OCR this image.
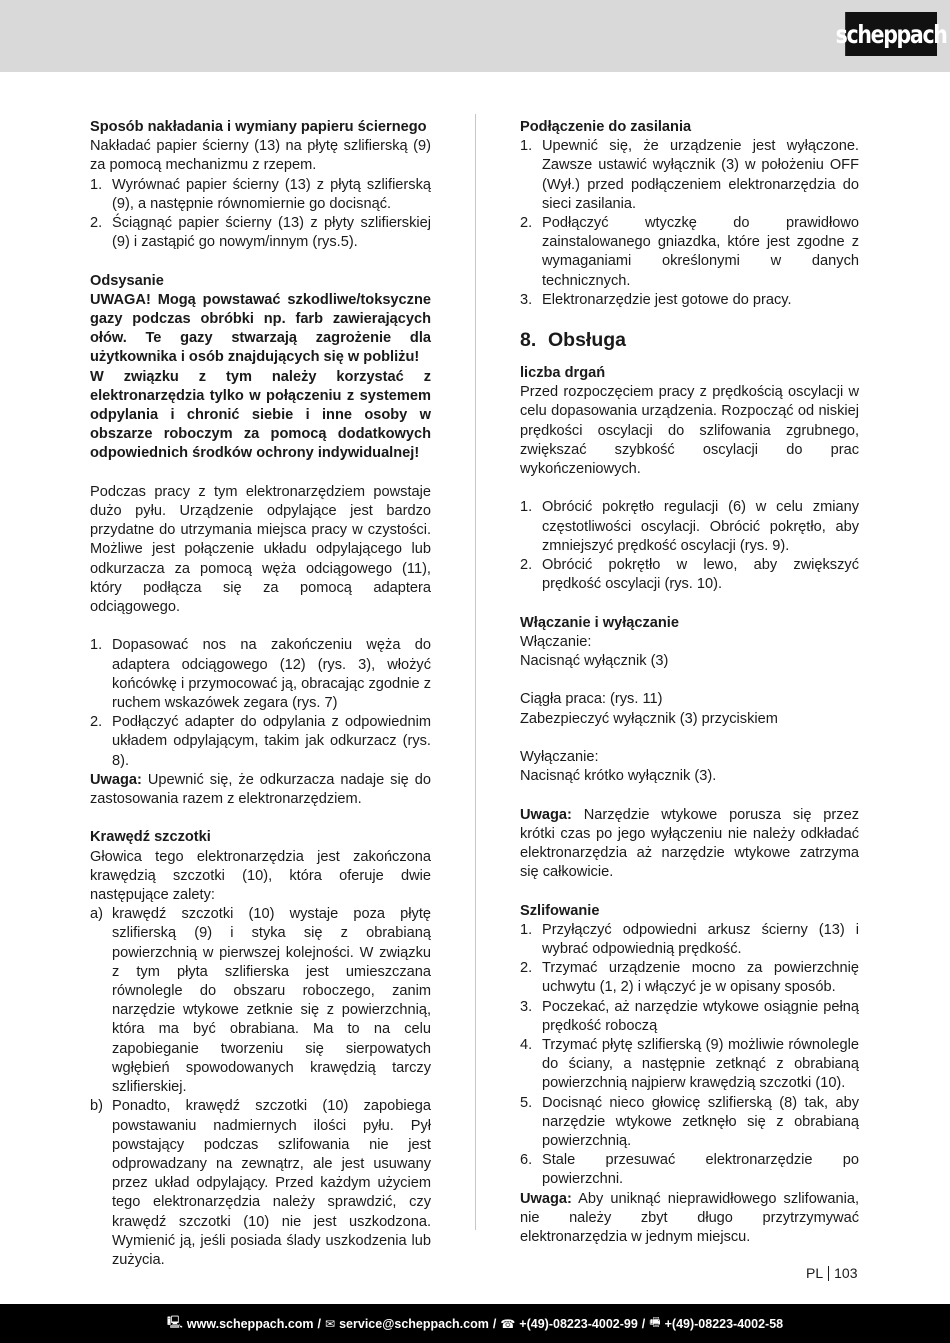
scheppach

Sposób nakładania i wymiany papieru ściernego

Nakładać papier ścierny (13) na płytę szlifierską (9) za pomocą mechanizmu z rzepem.

1. Wyrównać papier ścierny (13) z płytą szlifierską (9), a następnie równomiernie go docisnąć.
2. Ściągnąć papier ścierny (13) z płyty szlifierskiej (9) i zastąpić go nowym/innym (rys.5).

Odsysanie

UWAGA! Mogą powstawać szkodliwe/toksyczne gazy podczas obróbki np. farb zawierających ołów. Te gazy stwarzają zagrożenie dla użytkownika i osób znajdujących się w pobliżu!

W związku z tym należy korzystać z elektronarzędzia tylko w połączeniu z systemem odpylania i chronić siebie i inne osoby w obszarze roboczym za pomocą dodatkowych odpowiednich środków ochrony indywidualnej!

Podczas pracy z tym elektronarzędziem powstaje dużo pyłu. Urządzenie odpylające jest bardzo przydatne do utrzymania miejsca pracy w czystości. Możliwe jest połączenie układu odpylającego lub odkurzacza za pomocą węża odciągowego (11), który podłącza się za pomocą adaptera odciągowego.

1. Dopasować nos na zakończeniu węża do adaptera odciągowego (12) (rys. 3), włożyć końcówkę i przymocować ją, obracając zgodnie z ruchem wskazówek zegara (rys. 7)
2. Podłączyć adapter do odpylania z odpowiednim układem odpylającym, takim jak odkurzacz (rys. 8).

Uwaga: Upewnić się, że odkurzacza nadaje się do zastosowania razem z elektronarzędziem.

Krawędź szczotki

Głowica tego elektronarzędzia jest zakończona krawędzią szczotki (10), która oferuje dwie następujące zalety:

a) krawędź szczotki (10) wystaje poza płytę szlifierską (9) i styka się z obrabianą powierzchnią w pierwszej kolejności. W związku z tym płyta szlifierska jest umieszczana równolegle do obszaru roboczego, zanim narzędzie wtykowe zetknie się z powierzchnią, która ma być obrabiana. Ma to na celu zapobieganie tworzeniu się sierpowatych wgłębień spowodowanych krawędzią tarczy szlifierskiej.
b) Ponadto, krawędź szczotki (10) zapobiega powstawaniu nadmiernych ilości pyłu. Pył powstający podczas szlifowania nie jest odprowadzany na zewnątrz, ale jest usuwany przez układ odpylający. Przed każdym użyciem tego elektronarzędzia należy sprawdzić, czy krawędź szczotki (10) nie jest uszkodzona. Wymienić ją, jeśli posiada ślady uszkodzenia lub zużycia.

Podłączenie do zasilania

1. Upewnić się, że urządzenie jest wyłączone. Zawsze ustawić wyłącznik (3) w położeniu OFF (Wył.) przed podłączeniem elektronarzędzia do sieci zasilania.
2. Podłączyć wtyczkę do prawidłowo zainstalowanego gniazdka, które jest zgodne z wymaganiami określonymi w danych technicznych.
3. Elektronarzędzie jest gotowe do pracy.
8. Obsługa

liczba drgań

Przed rozpoczęciem pracy z prędkością oscylacji w celu dopasowania urządzenia. Rozpocząć od niskiej prędkości oscylacji do szlifowania zgrubnego, zwiększać szybkość oscylacji do prac wykończeniowych.

1. Obrócić pokrętło regulacji (6) w celu zmiany częstotliwości oscylacji. Obrócić pokrętło, aby zmniejszyć prędkość oscylacji (rys. 9).
2. Obrócić pokrętło w lewo, aby zwiększyć prędkość oscylacji (rys. 10).

Włączanie i wyłączanie

Włączanie:

Nacisnąć wyłącznik (3)

Ciągła praca: (rys. 11)

Zabezpieczyć wyłącznik (3) przyciskiem

Wyłączanie:

Nacisnąć krótko wyłącznik (3).

Uwaga: Narzędzie wtykowe porusza się przez krótki czas po jego wyłączeniu nie należy odkładać elektronarzędzia aż narzędzie wtykowe zatrzyma się całkowicie.

Szlifowanie

1. Przyłączyć odpowiedni arkusz ścierny (13) i wybrać odpowiednią prędkość.
2. Trzymać urządzenie mocno za powierzchnię uchwytu (1, 2) i włączyć je w opisany sposób.
3. Poczekać, aż narzędzie wtykowe osiągnie pełną prędkość roboczą
4. Trzymać płytę szlifierską (9) możliwie równolegle do ściany, a następnie zetknąć z obrabianą powierzchnią najpierw krawędzią szczotki (10).
5. Docisnąć nieco głowicę szlifierską (8) tak, aby narzędzie wtykowe zetknęło się z obrabianą powierzchnią.
6. Stale przesuwać elektronarzędzie po powierzchni.

Uwaga: Aby uniknąć nieprawidłowego szlifowania, nie należy zbyt długo przytrzymywać elektronarzędzia w jednym miejscu.

PL 103
🖳 www.scheppach.com / ✉ service@scheppach.com / ☎ +(49)-08223-4002-99 / 🖷 +(49)-08223-4002-58
